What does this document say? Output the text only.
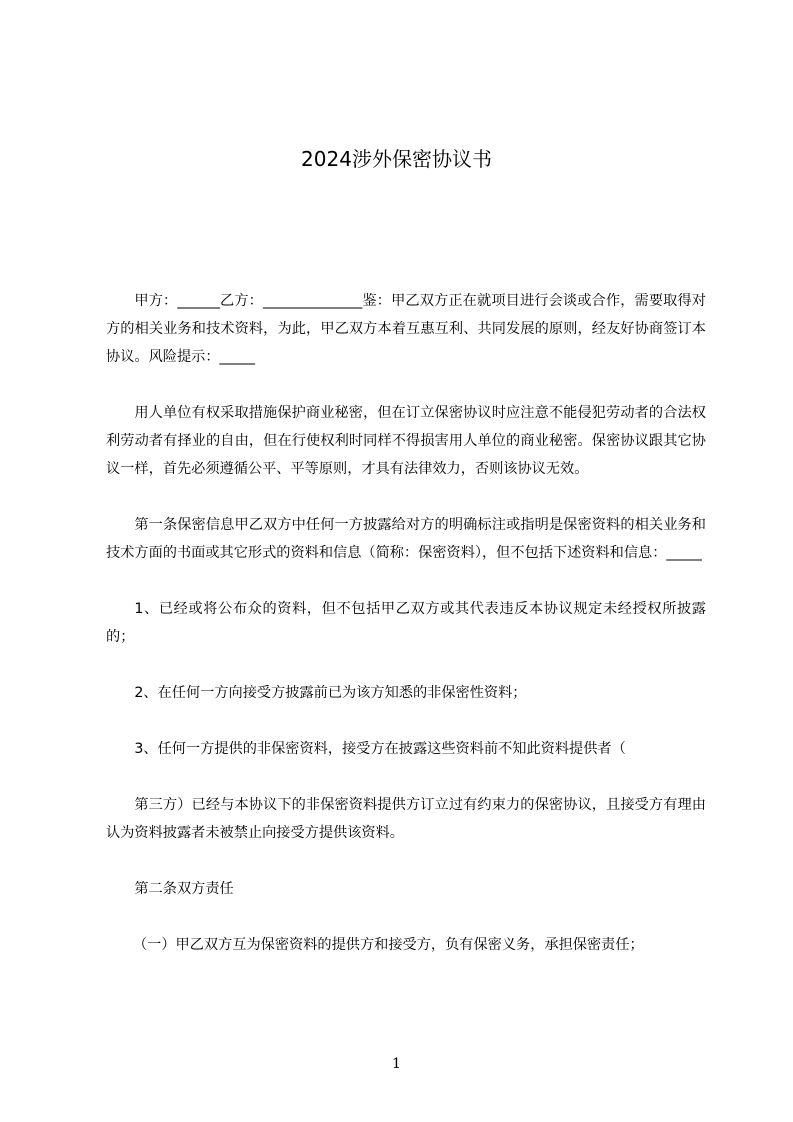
2024涉外保密协议书

甲方：______乙方：______________鉴：甲乙双方正在就项目进行会谈或合作，需要取得对方的相关业务和技术资料，为此，甲乙双方本着互惠互利、共同发展的原则，经友好协商签订本协议。风险提示：_____

用人单位有权采取措施保护商业秘密，但在订立保密协议时应注意不能侵犯劳动者的合法权利劳动者有择业的自由，但在行使权利时同样不得损害用人单位的商业秘密。保密协议跟其它协议一样，首先必须遵循公平、平等原则，才具有法律效力，否则该协议无效。

第一条保密信息甲乙双方中任何一方披露给对方的明确标注或指明是保密资料的相关业务和技术方面的书面或其它形式的资料和信息（简称：保密资料），但不包括下述资料和信息：_____

1、已经或将公布众的资料，但不包括甲乙双方或其代表违反本协议规定未经授权所披露的；

2、在任何一方向接受方披露前已为该方知悉的非保密性资料；

3、任何一方提供的非保密资料，接受方在披露这些资料前不知此资料提供者（

第三方）已经与本协议下的非保密资料提供方订立过有约束力的保密协议，且接受方有理由认为资料披露者未被禁止向接受方提供该资料。

第二条双方责任

（一）甲乙双方互为保密资料的提供方和接受方，负有保密义务，承担保密责任；

1
